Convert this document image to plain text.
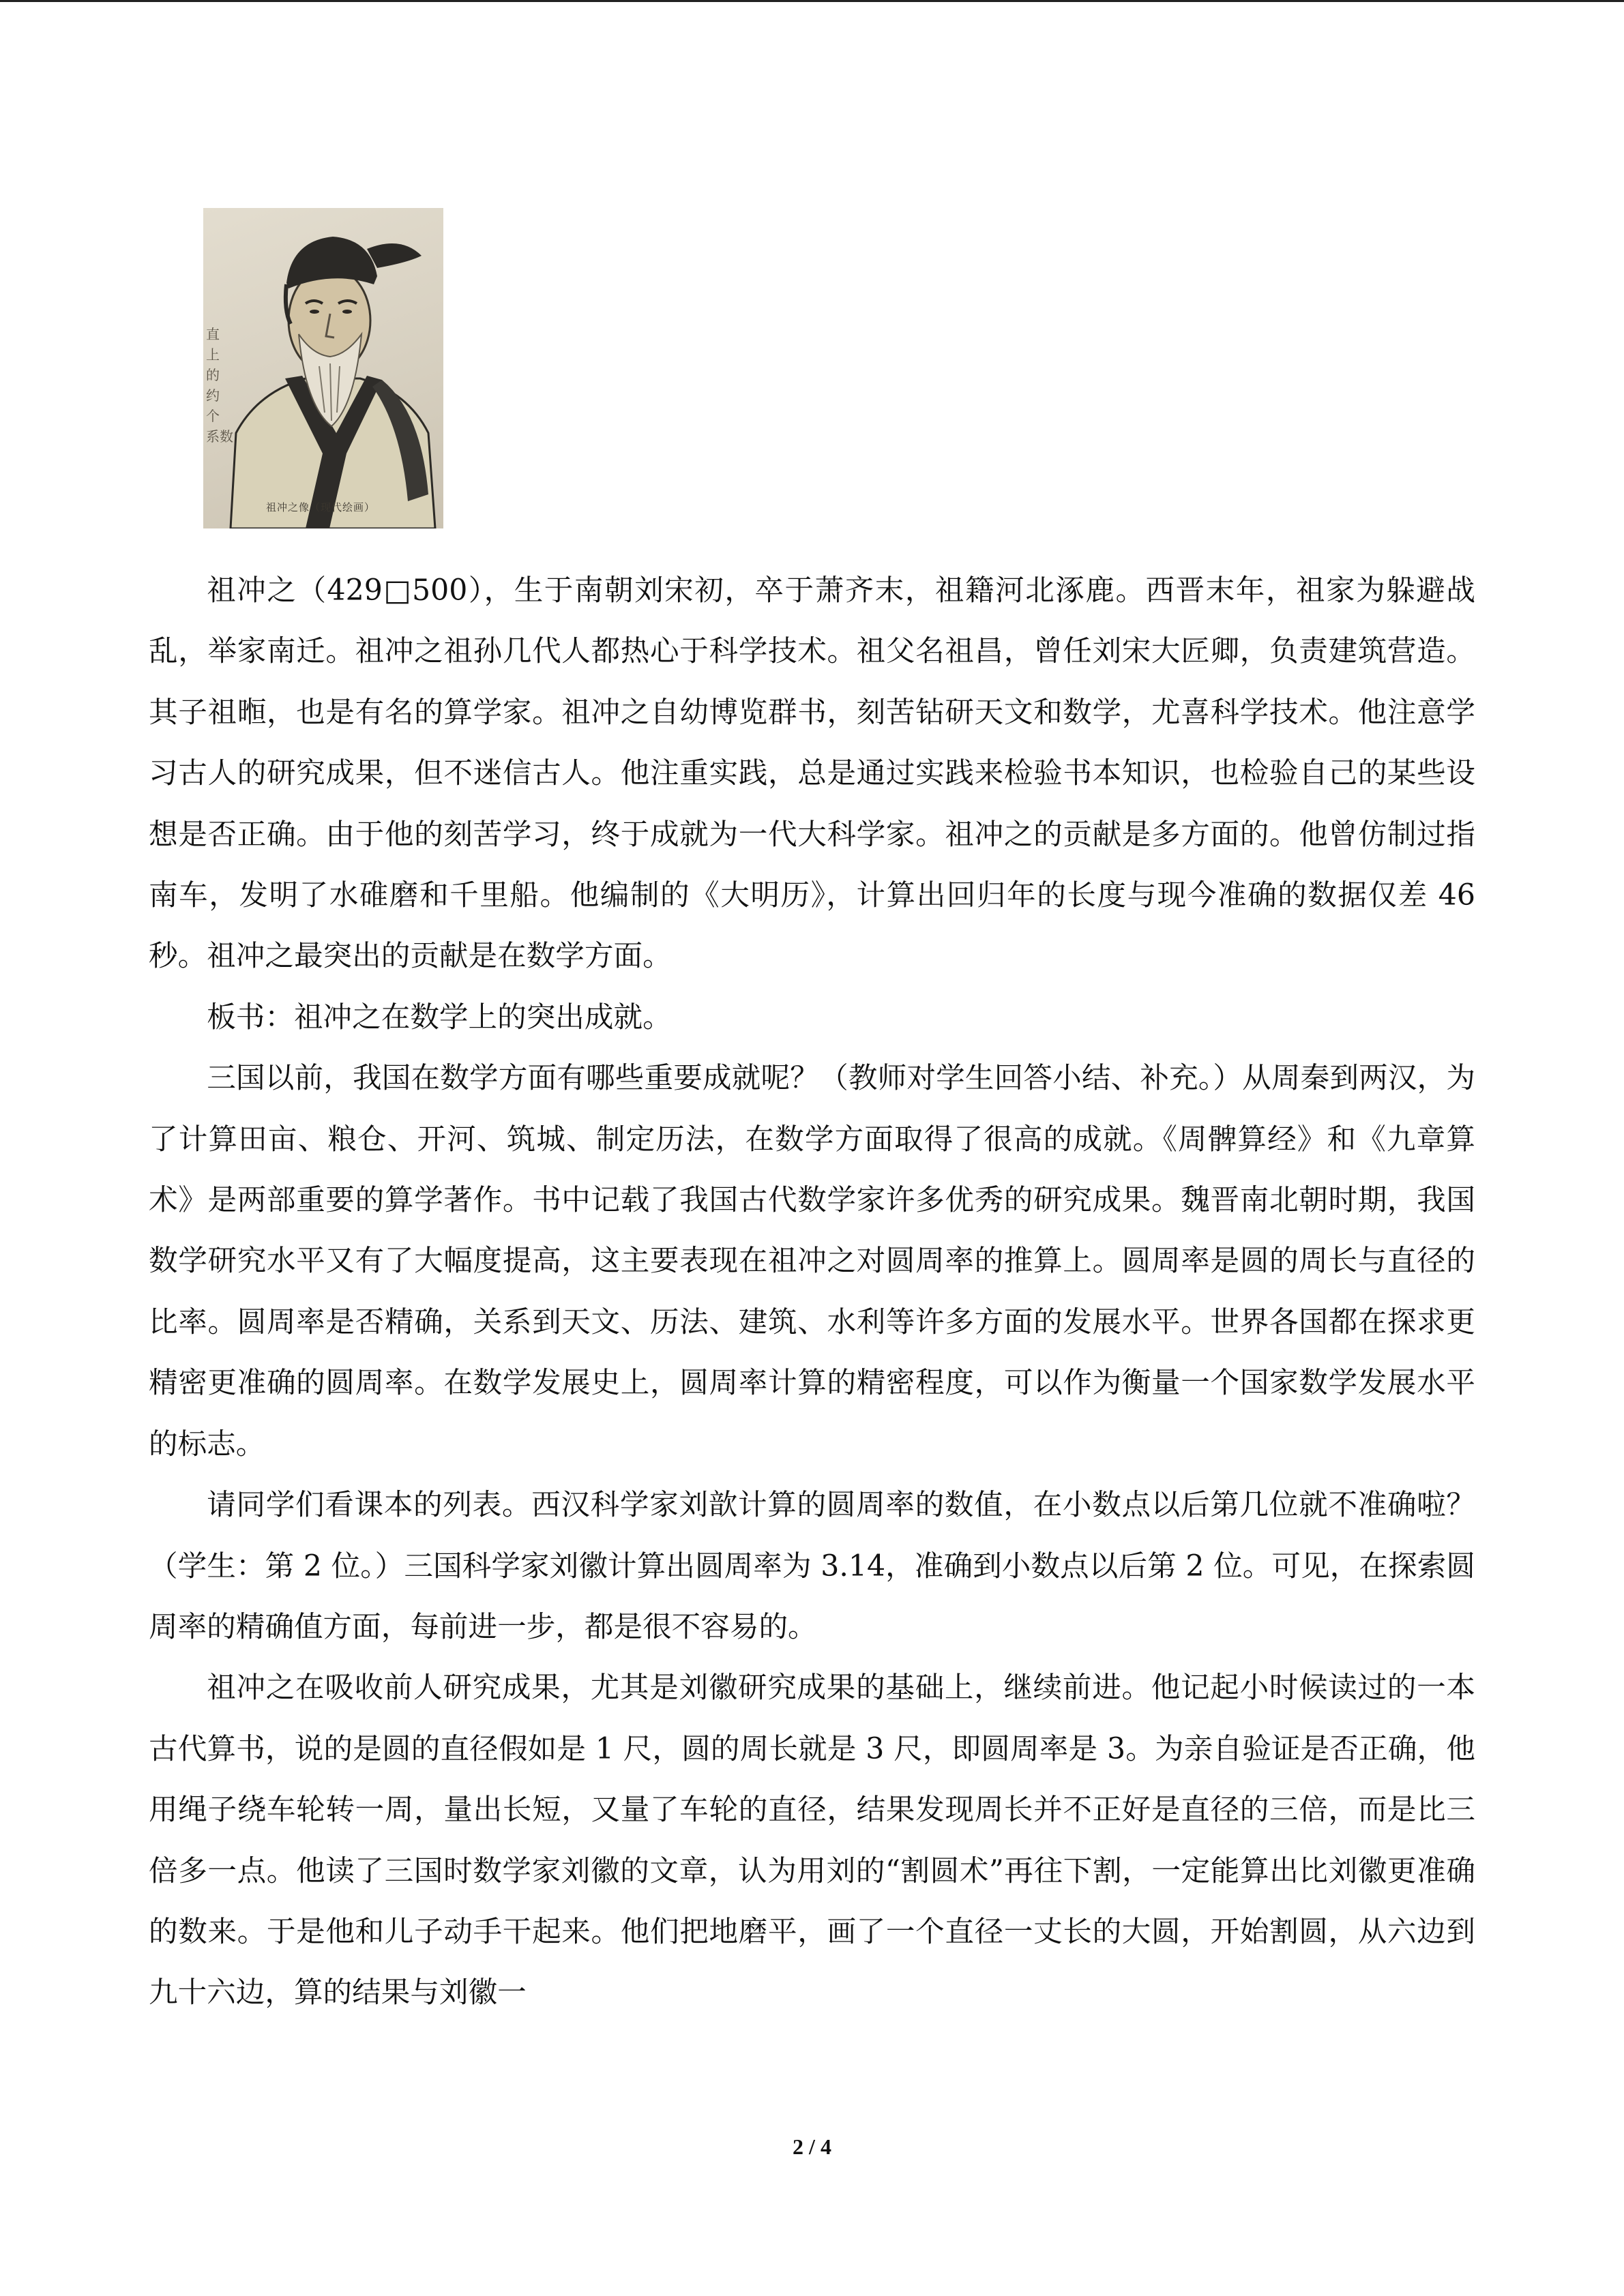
直
上
的
约
个
系数
祖冲之像（现代绘画）

祖冲之（429□500），生于南朝刘宋初，卒于萧齐末，祖籍河北涿鹿。西晋末年，祖家为躲避战乱，举家南迁。祖冲之祖孙几代人都热心于科学技术。祖父名祖昌，曾任刘宋大匠卿，负责建筑营造。其子祖暅，也是有名的算学家。祖冲之自幼博览群书，刻苦钻研天文和数学，尤喜科学技术。他注意学习古人的研究成果，但不迷信古人。他注重实践，总是通过实践来检验书本知识，也检验自己的某些设想是否正确。由于他的刻苦学习，终于成就为一代大科学家。祖冲之的贡献是多方面的。他曾仿制过指南车，发明了水碓磨和千里船。他编制的《大明历》，计算出回归年的长度与现今准确的数据仅差 46 秒。祖冲之最突出的贡献是在数学方面。

板书：祖冲之在数学上的突出成就。

三国以前，我国在数学方面有哪些重要成就呢？（教师对学生回答小结、补充。）从周秦到两汉，为了计算田亩、粮仓、开河、筑城、制定历法，在数学方面取得了很高的成就。《周髀算经》和《九章算术》是两部重要的算学著作。书中记载了我国古代数学家许多优秀的研究成果。魏晋南北朝时期，我国数学研究水平又有了大幅度提高，这主要表现在祖冲之对圆周率的推算上。圆周率是圆的周长与直径的比率。圆周率是否精确，关系到天文、历法、建筑、水利等许多方面的发展水平。世界各国都在探求更精密更准确的圆周率。在数学发展史上，圆周率计算的精密程度，可以作为衡量一个国家数学发展水平的标志。

请同学们看课本的列表。西汉科学家刘歆计算的圆周率的数值，在小数点以后第几位就不准确啦？（学生：第 2 位。）三国科学家刘徽计算出圆周率为 3.14，准确到小数点以后第 2 位。可见，在探索圆周率的精确值方面，每前进一步，都是很不容易的。

祖冲之在吸收前人研究成果，尤其是刘徽研究成果的基础上，继续前进。他记起小时候读过的一本古代算书，说的是圆的直径假如是 1 尺，圆的周长就是 3 尺，即圆周率是 3。为亲自验证是否正确，他用绳子绕车轮转一周，量出长短，又量了车轮的直径，结果发现周长并不正好是直径的三倍，而是比三倍多一点。他读了三国时数学家刘徽的文章，认为用刘的“割圆术”再往下割，一定能算出比刘徽更准确的数来。于是他和儿子动手干起来。他们把地磨平，画了一个直径一丈长的大圆，开始割圆，从六边到九十六边，算的结果与刘徽一

2 / 4
